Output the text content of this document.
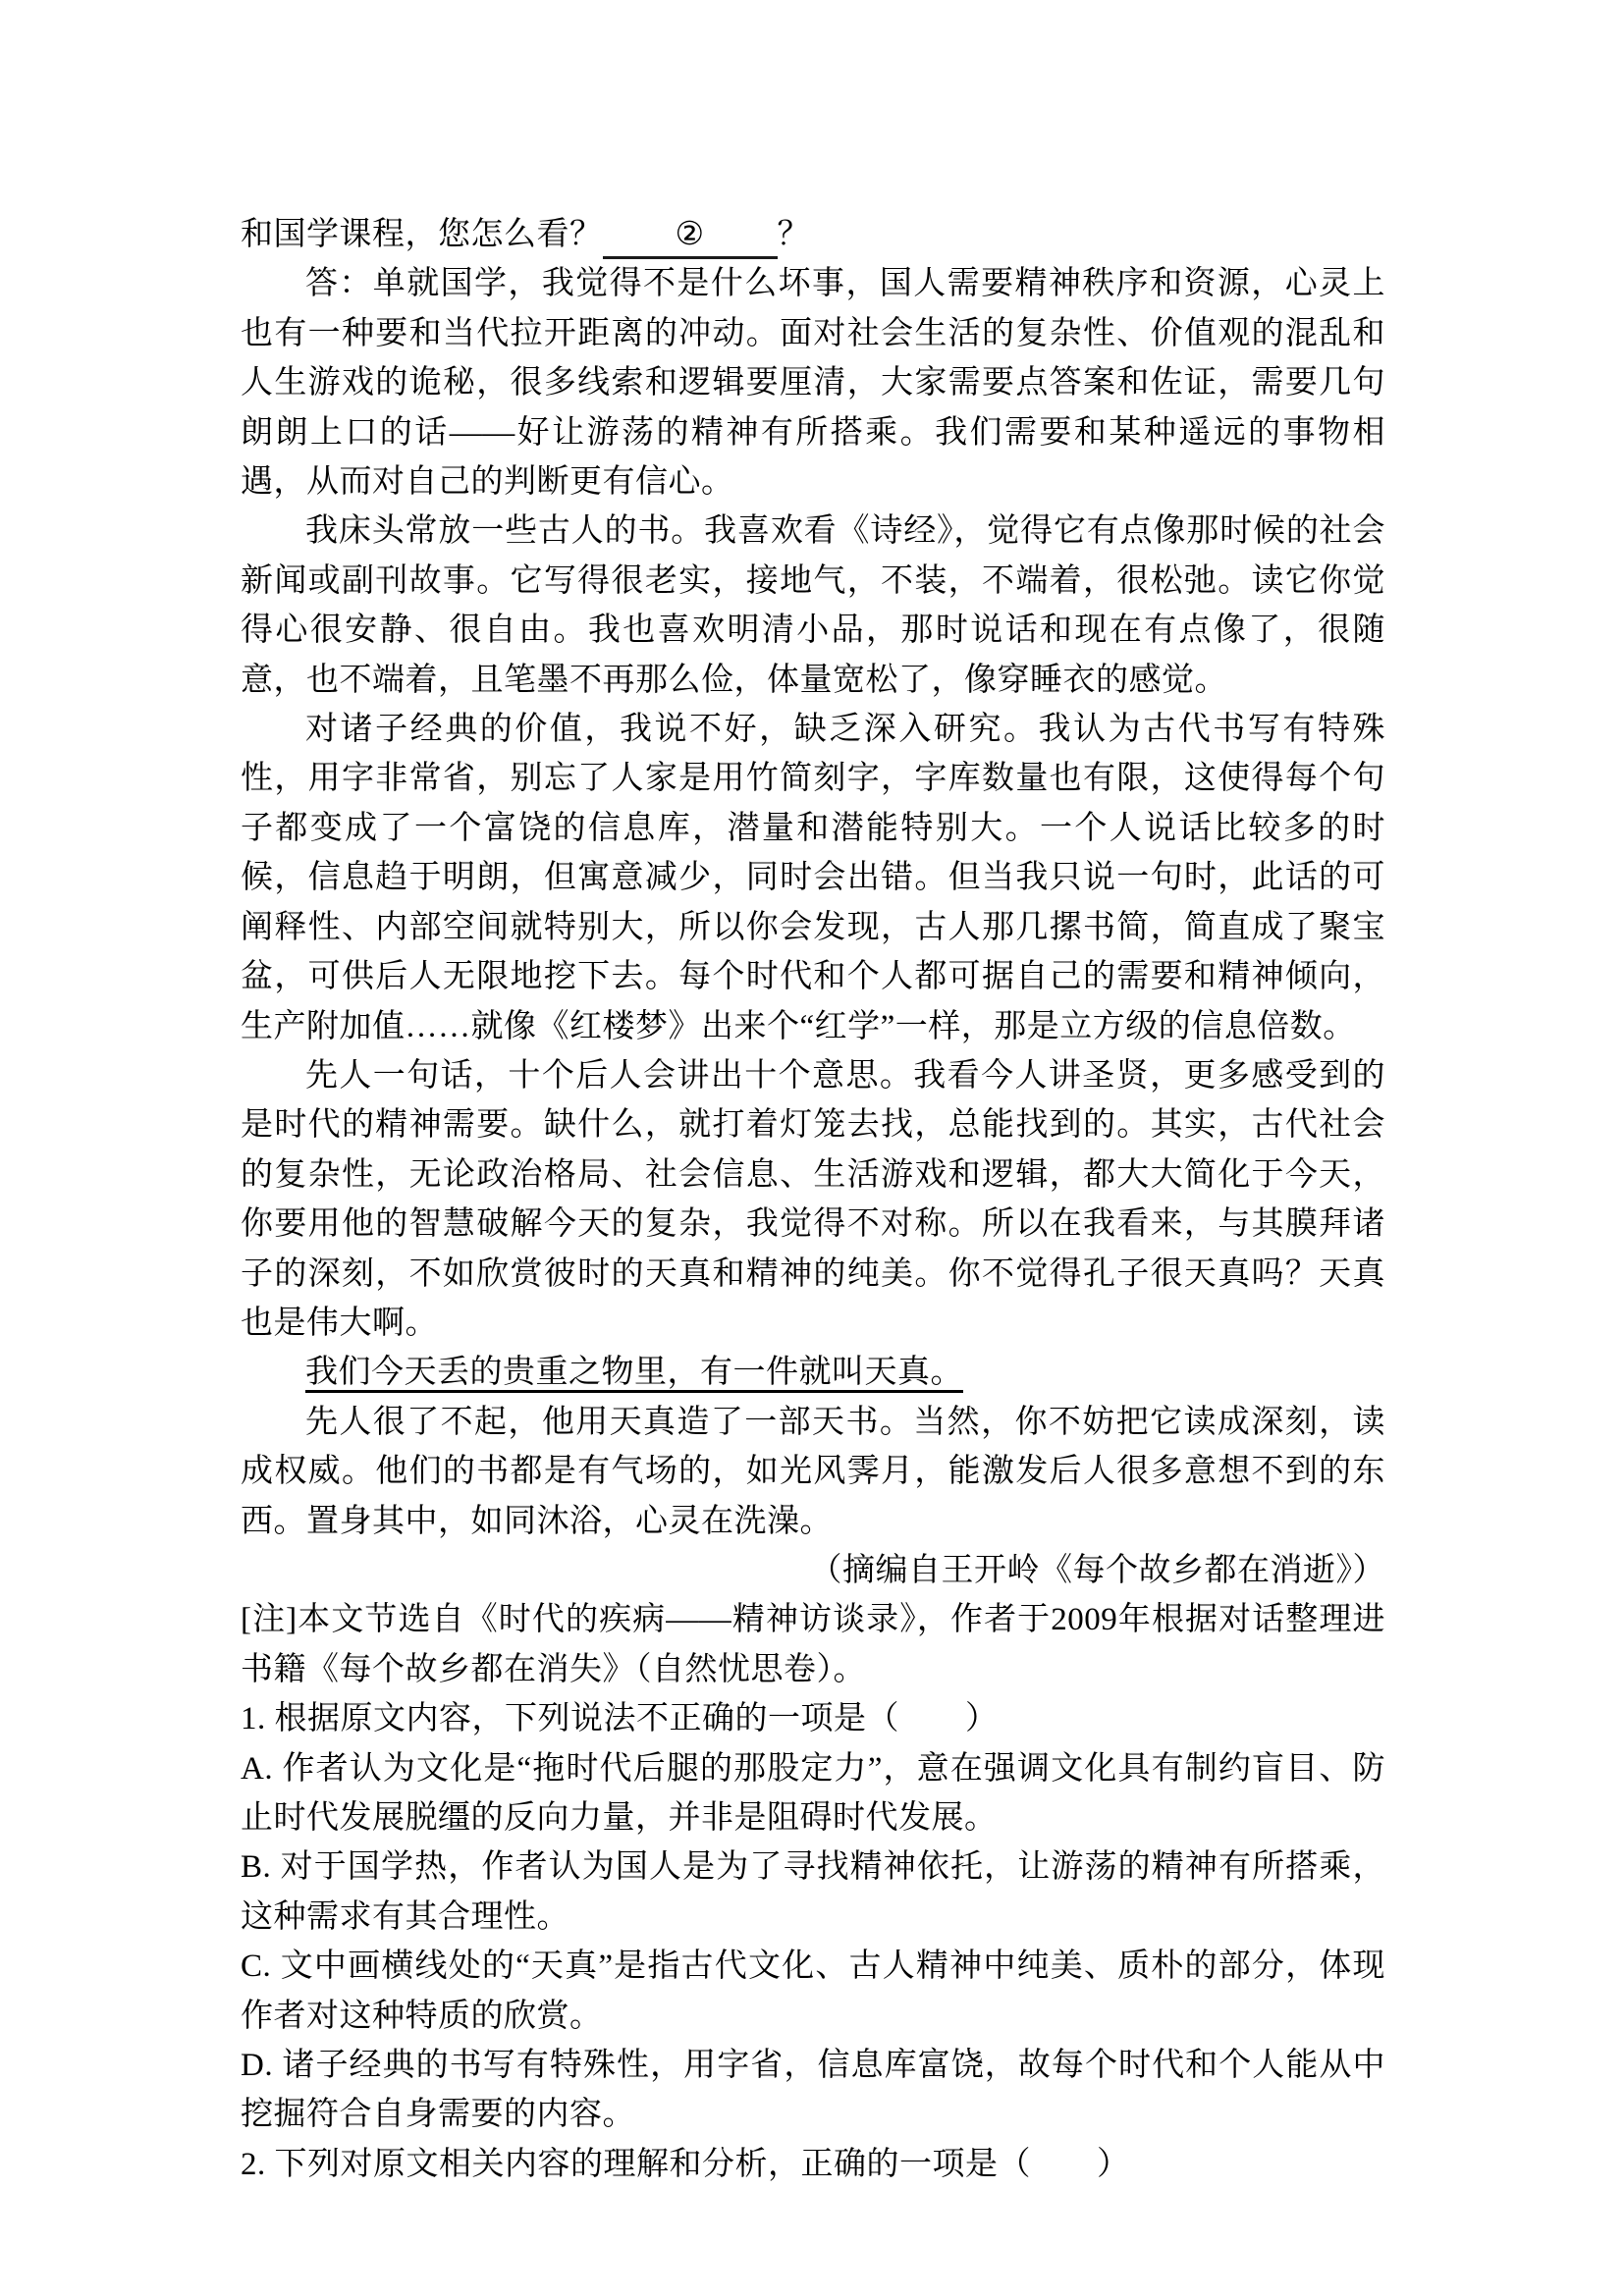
和国学课程，您怎么看？ ② ？

答：单就国学，我觉得不是什么坏事，国人需要精神秩序和资源，心灵上也有一种要和当代拉开距离的冲动。面对社会生活的复杂性、价值观的混乱和人生游戏的诡秘，很多线索和逻辑要厘清，大家需要点答案和佐证，需要几句朗朗上口的话——好让游荡的精神有所搭乘。我们需要和某种遥远的事物相遇，从而对自己的判断更有信心。

我床头常放一些古人的书。我喜欢看《诗经》，觉得它有点像那时候的社会新闻或副刊故事。它写得很老实，接地气，不装，不端着，很松弛。读它你觉得心很安静、很自由。我也喜欢明清小品，那时说话和现在有点像了，很随意，也不端着，且笔墨不再那么俭，体量宽松了，像穿睡衣的感觉。

对诸子经典的价值，我说不好，缺乏深入研究。我认为古代书写有特殊性，用字非常省，别忘了人家是用竹简刻字，字库数量也有限，这使得每个句子都变成了一个富饶的信息库，潜量和潜能特别大。一个人说话比较多的时候，信息趋于明朗，但寓意减少，同时会出错。但当我只说一句时，此话的可阐释性、内部空间就特别大，所以你会发现，古人那几摞书简，简直成了聚宝盆，可供后人无限地挖下去。每个时代和个人都可据自己的需要和精神倾向，生产附加值……就像《红楼梦》出来个“红学”一样，那是立方级的信息倍数。

先人一句话，十个后人会讲出十个意思。我看今人讲圣贤，更多感受到的是时代的精神需要。缺什么，就打着灯笼去找，总能找到的。其实，古代社会的复杂性，无论政治格局、社会信息、生活游戏和逻辑，都大大简化于今天，你要用他的智慧破解今天的复杂，我觉得不对称。所以在我看来，与其膜拜诸子的深刻，不如欣赏彼时的天真和精神的纯美。你不觉得孔子很天真吗？天真也是伟大啊。

我们今天丢的贵重之物里，有一件就叫天真。

先人很了不起，他用天真造了一部天书。当然，你不妨把它读成深刻，读成权威。他们的书都是有气场的，如光风霁月，能激发后人很多意想不到的东西。置身其中，如同沐浴，心灵在洗澡。

（摘编自王开岭《每个故乡都在消逝》）

[注]本文节选自《时代的疾病——精神访谈录》，作者于2009年根据对话整理进书籍《每个故乡都在消失》（自然忧思卷）。

1. 根据原文内容，下列说法不正确的一项是（　　）

A. 作者认为文化是“拖时代后腿的那股定力”，意在强调文化具有制约盲目、防止时代发展脱缰的反向力量，并非是阻碍时代发展。

B. 对于国学热，作者认为国人是为了寻找精神依托，让游荡的精神有所搭乘，这种需求有其合理性。

C. 文中画横线处的“天真”是指古代文化、古人精神中纯美、质朴的部分，体现作者对这种特质的欣赏。

D. 诸子经典的书写有特殊性，用字省，信息库富饶，故每个时代和个人能从中挖掘符合自身需要的内容。

2. 下列对原文相关内容的理解和分析，正确的一项是（　　）
